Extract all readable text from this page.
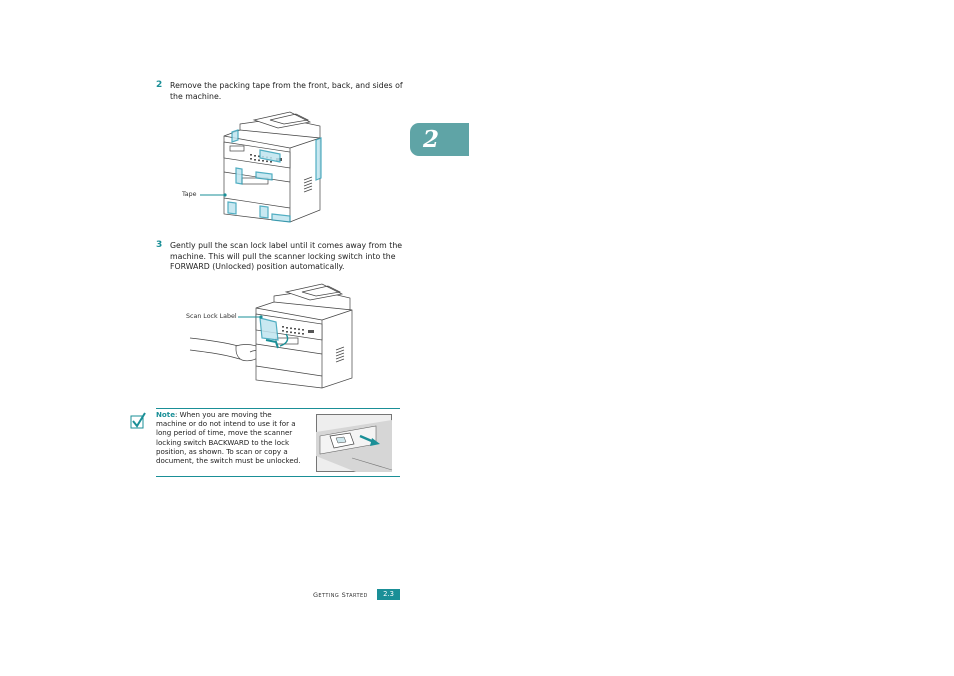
2 Remove the packing tape from the front, back, and sides of
the machine.
Tape
3 Gently pull the scan lock label until it comes away from the
machine. This will pull the scanner locking switch into the
FORWARD (Unlocked) position automatically.
Scan Lock Label
Note: When you are moving the
machine or do not intend to use it for a
long period of time, move the scanner
locking switch BACKWARD to the lock
position, as shown. To scan or copy a
document, the switch must be unlocked.
2
Getting Started	2.3
